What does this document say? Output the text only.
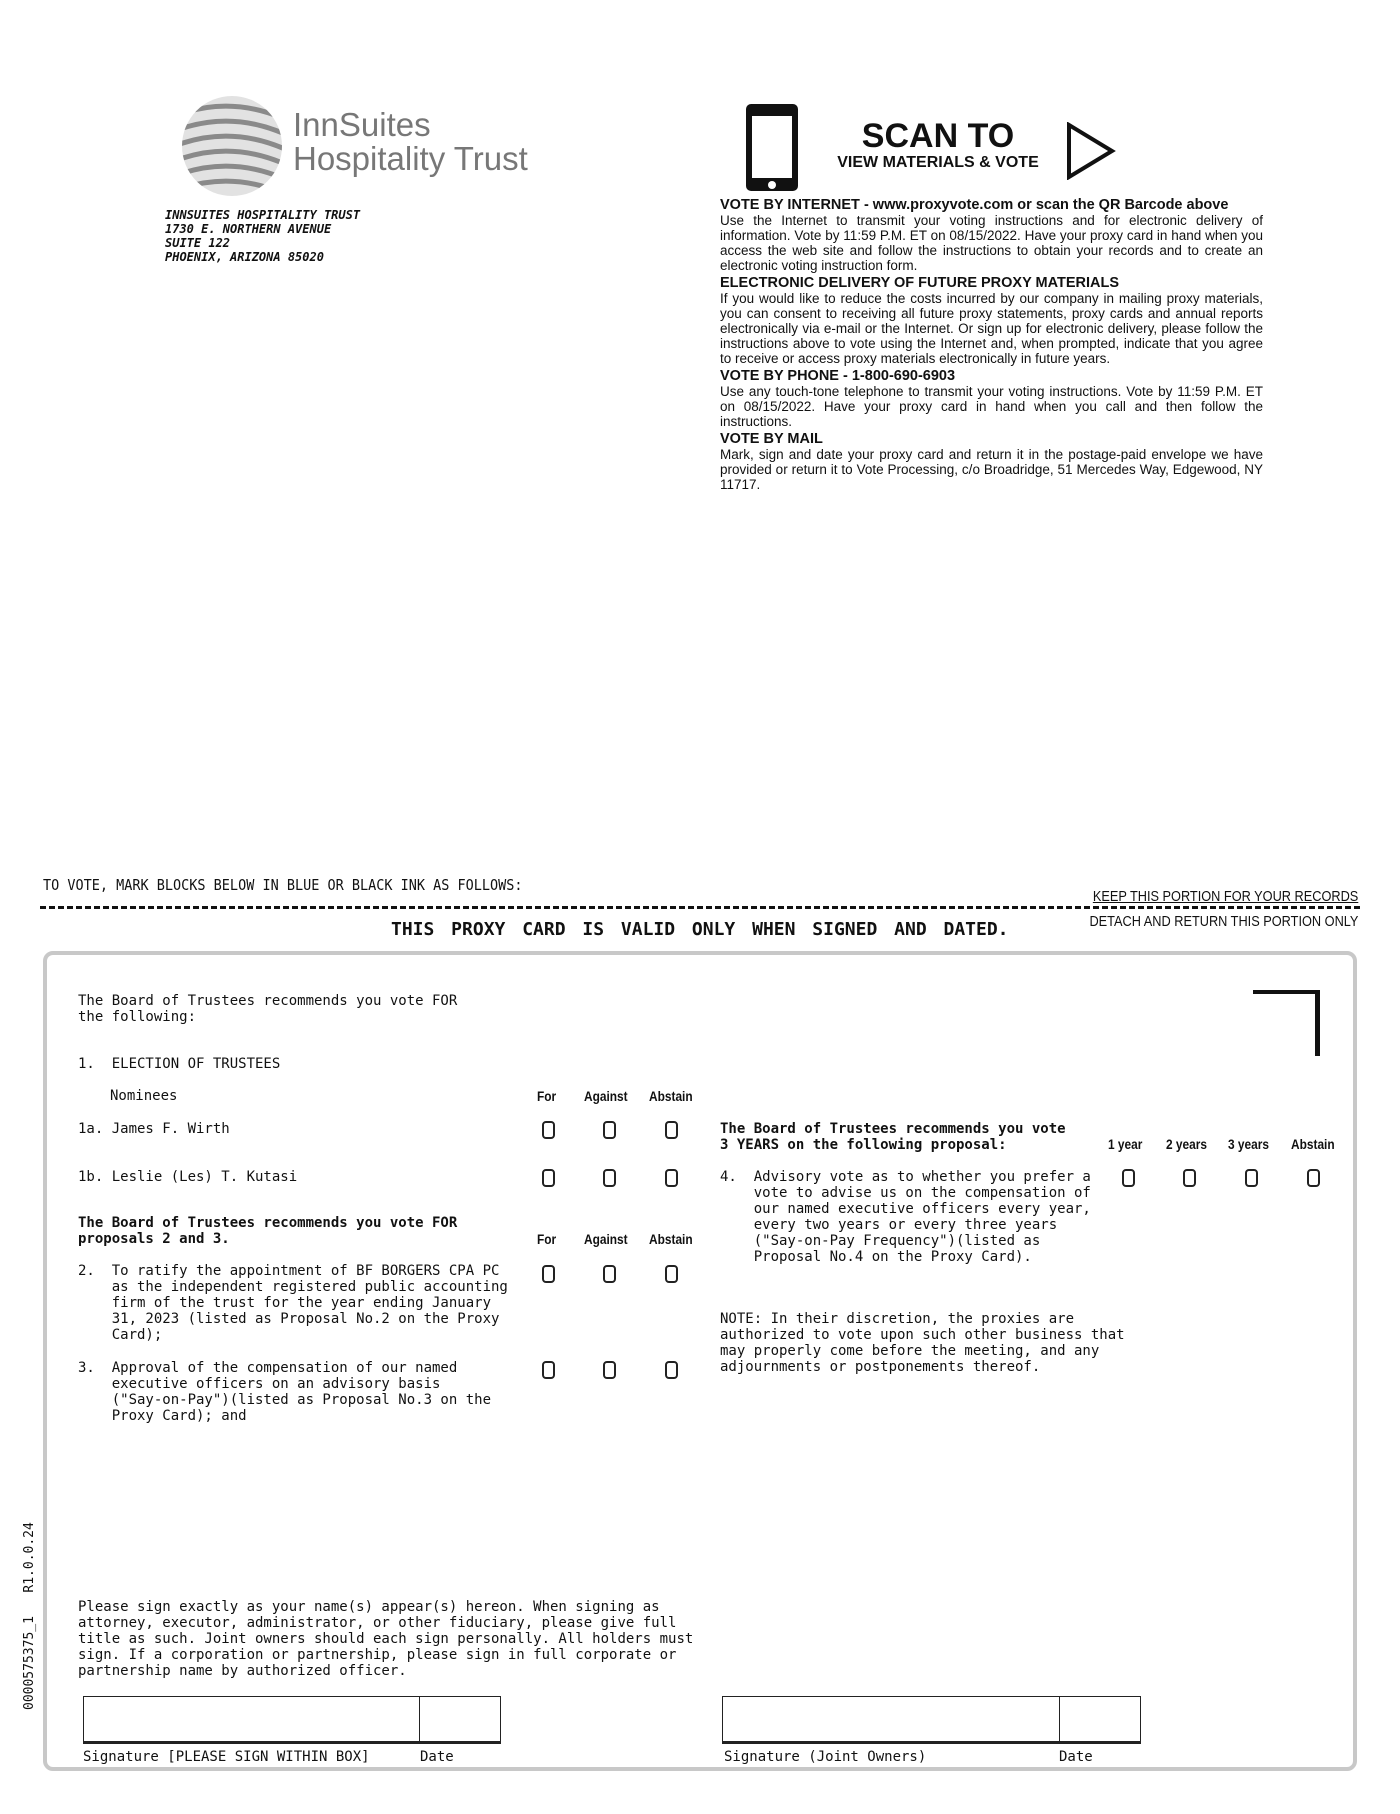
InnSuites
Hospitality Trust
INNSUITES HOSPITALITY TRUST
1730 E. NORTHERN AVENUE
SUITE 122
PHOENIX, ARIZONA 85020
SCAN TO
VIEW MATERIALS & VOTE
VOTE BY INTERNET - www.proxyvote.com or scan the QR Barcode above

Use the Internet to transmit your voting instructions and for electronic delivery of information. Vote by 11:59 P.M. ET on 08/15/2022. Have your proxy card in hand when you access the web site and follow the instructions to obtain your records and to create an electronic voting instruction form.

ELECTRONIC DELIVERY OF FUTURE PROXY MATERIALS

If you would like to reduce the costs incurred by our company in mailing proxy materials, you can consent to receiving all future proxy statements, proxy cards and annual reports electronically via e-mail or the Internet. Or sign up for electronic delivery, please follow the instructions above to vote using the Internet and, when prompted, indicate that you agree to receive or access proxy materials electronically in future years.

VOTE BY PHONE - 1-800-690-6903

Use any touch-tone telephone to transmit your voting instructions. Vote by 11:59 P.M. ET on 08/15/2022. Have your proxy card in hand when you call and then follow the instructions.

VOTE BY MAIL

Mark, sign and date your proxy card and return it in the postage-paid envelope we have provided or return it to Vote Processing, c/o Broadridge, 51 Mercedes Way, Edgewood, NY 11717.

TO VOTE, MARK BLOCKS BELOW IN BLUE OR BLACK INK AS FOLLOWS:
KEEP THIS PORTION FOR YOUR RECORDS
DETACH AND RETURN THIS PORTION ONLY
THIS PROXY CARD IS VALID ONLY WHEN SIGNED AND DATED.
The Board of Trustees recommends you vote FOR
the following:
1.  ELECTION OF TRUSTEES
Nominees	For Against Abstain
1a. James F. Wirth
1b. Leslie (Les) T. Kutasi
The Board of Trustees recommends you vote FOR
proposals 2 and 3.	For Against Abstain
2.  To ratify the appointment of BF BORGERS CPA PC
as the independent registered public accounting
firm of the trust for the year ending January
31, 2023 (listed as Proposal No.2 on the Proxy
Card);
3.  Approval of the compensation of our named
executive officers on an advisory basis
("Say-on-Pay")(listed as Proposal No.3 on the
Proxy Card); and
The Board of Trustees recommends you vote
3 YEARS on the following proposal:	1 year 2 years 3 years Abstain
4.  Advisory vote as to whether you prefer a
vote to advise us on the compensation of
our named executive officers every year,
every two years or every three years
("Say-on-Pay Frequency")(listed as
Proposal No.4 on the Proxy Card).
NOTE: In their discretion, the proxies are
authorized to vote upon such other business that
may properly come before the meeting, and any
adjournments or postponements thereof.
Please sign exactly as your name(s) appear(s) hereon. When signing as
attorney, executor, administrator, or other fiduciary, please give full
title as such. Joint owners should each sign personally. All holders must
sign. If a corporation or partnership, please sign in full corporate or
partnership name by authorized officer.
Signature [PLEASE SIGN WITHIN BOX]	Date	Signature (Joint Owners)	Date
0000575375_1   R1.0.0.24
